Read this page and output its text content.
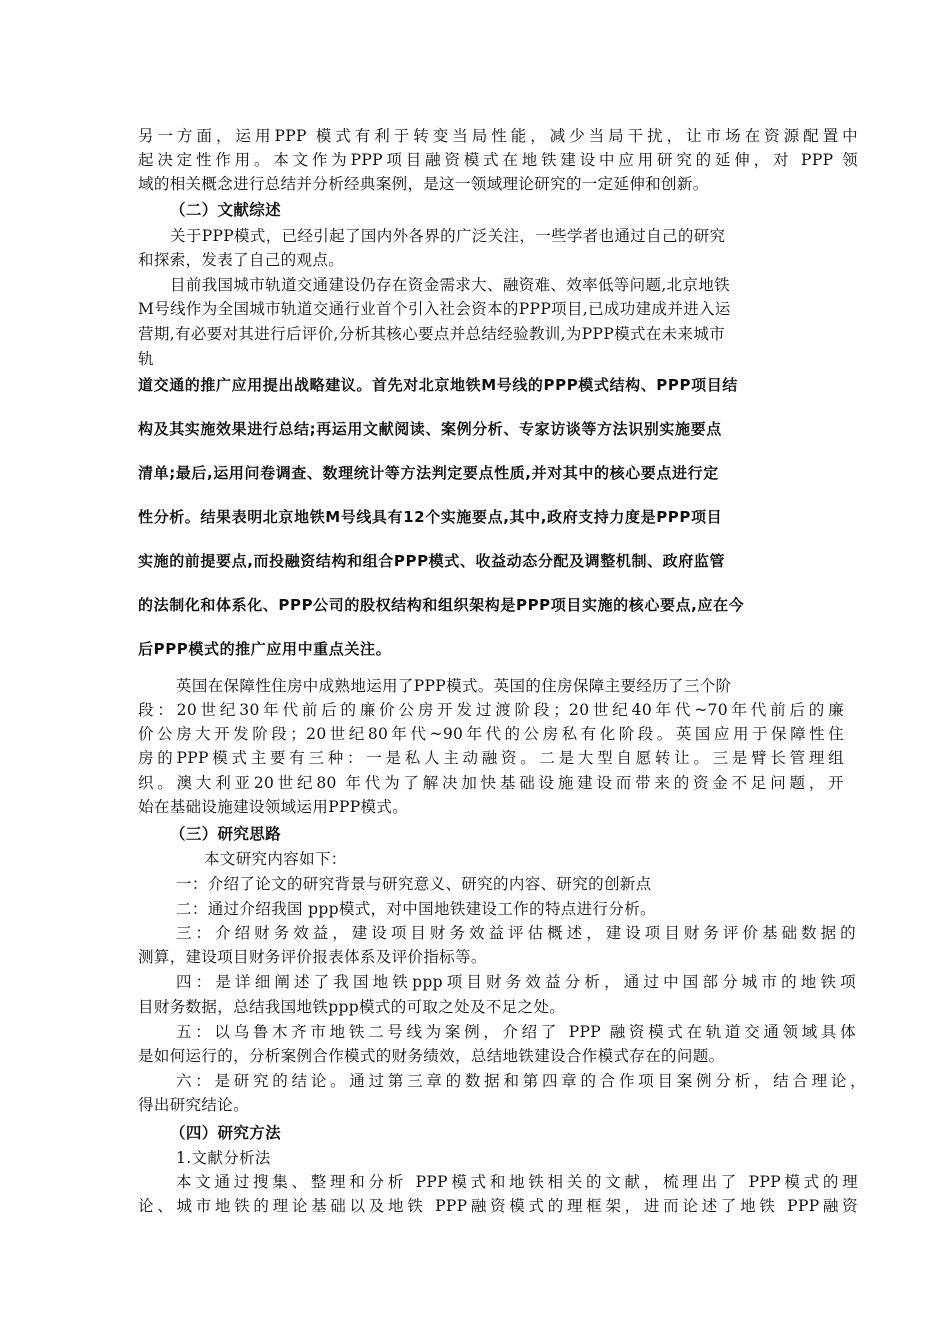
另一方面，运用PPP 模式有利于转变当局性能，减少当局干扰，让市场在资源配置中
起决定性作用。本文作为PPP项目融资模式在地铁建设中应用研究的延伸，对 PPP 领
域的相关概念进行总结并分析经典案例，是这一领域理论研究的一定延伸和创新。
（二）文献综述
关于PPP模式，已经引起了国内外各界的广泛关注，一些学者也通过自己的研究
和探索，发表了自己的观点。
目前我国城市轨道交通建设仍存在资金需求大、融资难、效率低等问题,北京地铁
M号线作为全国城市轨道交通行业首个引入社会资本的PPP项目,已成功建成并进入运
营期,有必要对其进行后评价,分析其核心要点并总结经验教训,为PPP模式在未来城市
轨
道交通的推广应用提出战略建议。首先对北京地铁M号线的PPP模式结构、PPP项目结
构及其实施效果进行总结;再运用文献阅读、案例分析、专家访谈等方法识别实施要点
清单;最后,运用问卷调查、数理统计等方法判定要点性质,并对其中的核心要点进行定
性分析。结果表明北京地铁M号线具有12个实施要点,其中,政府支持力度是PPP项目
实施的前提要点,而投融资结构和组合PPP模式、收益动态分配及调整机制、政府监管
的法制化和体系化、PPP公司的股权结构和组织架构是PPP项目实施的核心要点,应在今
后PPP模式的推广应用中重点关注。
英国在保障性住房中成熟地运用了PPP模式。英国的住房保障主要经历了三个阶
段：20世纪30年代前后的廉价公房开发过渡阶段；20世纪40年代~70年代前后的廉
价公房大开发阶段；20世纪80年代~90年代的公房私有化阶段。英国应用于保障性住
房的PPP模式主要有三种：一是私人主动融资。二是大型自愿转让。三是臂长管理组
织。澳大利亚20世纪80 年代为了解决加快基础设施建设而带来的资金不足问题，开
始在基础设施建设领域运用PPP模式。
（三）研究思路
本文研究内容如下：
一：介绍了论文的研究背景与研究意义、研究的内容、研究的创新点
二：通过介绍我国 ppp模式，对中国地铁建设工作的特点进行分析。
三：介绍财务效益，建设项目财务效益评估概述，建设项目财务评价基础数据的
测算，建设项目财务评价报表体系及评价指标等。
四：是详细阐述了我国地铁ppp项目财务效益分析，通过中国部分城市的地铁项
目财务数据，总结我国地铁ppp模式的可取之处及不足之处。
五：以乌鲁木齐市地铁二号线为案例，介绍了 PPP 融资模式在轨道交通领域具体
是如何运行的，分析案例合作模式的财务绩效，总结地铁建设合作模式存在的问题。
六：是研究的结论。通过第三章的数据和第四章的合作项目案例分析，结合理论，
得出研究结论。
（四）研究方法
1.文献分析法
本文通过搜集、整理和分析 PPP模式和地铁相关的文献，梳理出了 PPP模式的理
论、城市地铁的理论基础以及地铁 PPP融资模式的理框架，进而论述了地铁 PPP融资
